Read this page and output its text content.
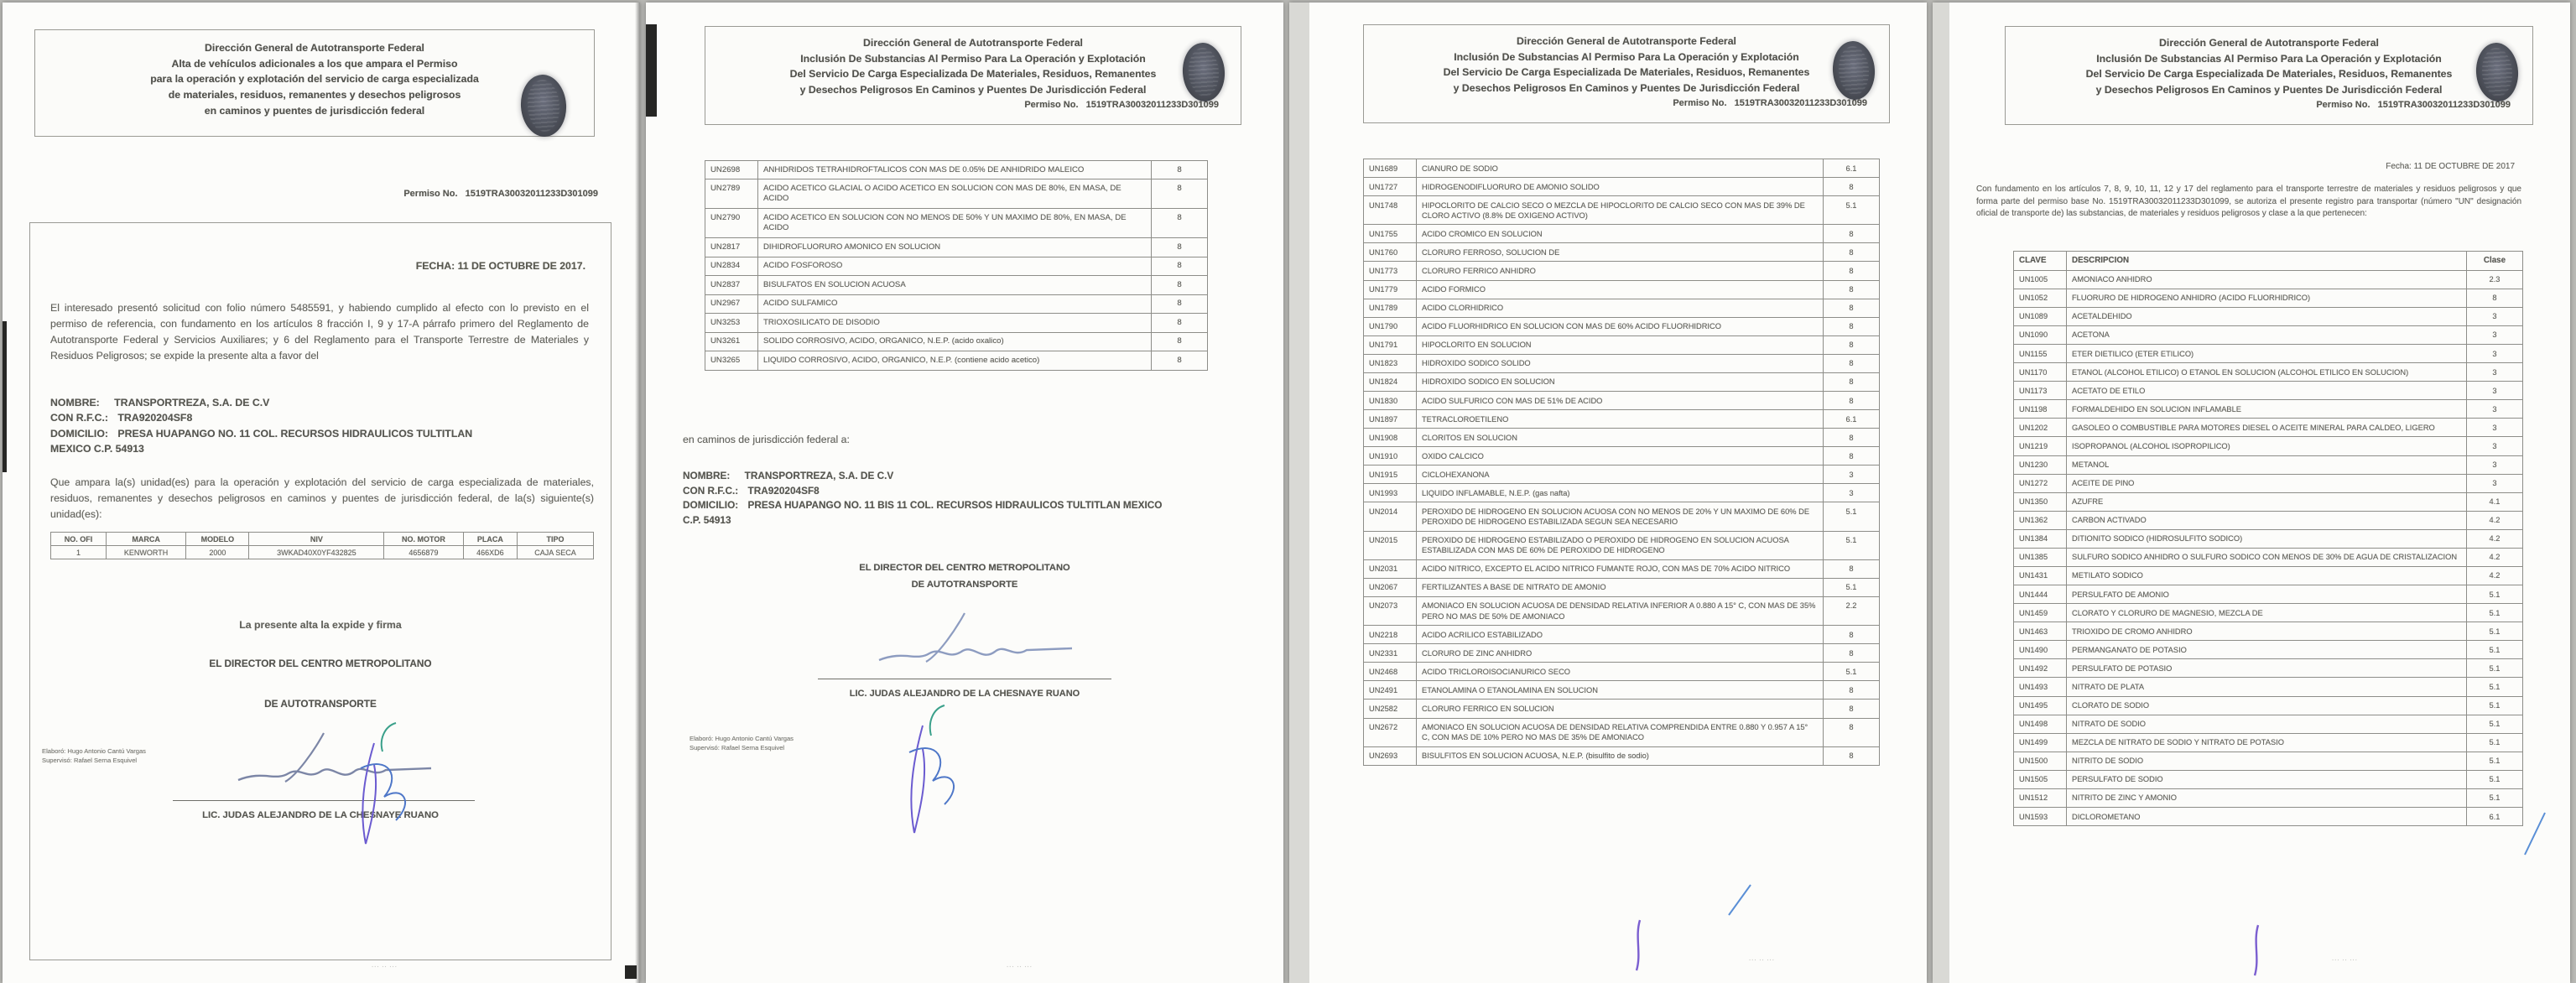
Dirección General de Autotransporte Federal
Alta de vehículos adicionales a los que ampara el Permiso
para la operación y explotación del servicio de carga especializada
de materiales, residuos, remanentes y desechos peligrosos
en caminos y puentes de jurisdicción federal
Permiso No. 1519TRA30032011233D301099
FECHA: 11 DE OCTUBRE DE 2017.
El interesado presentó solicitud con folio número 5485591, y habiendo cumplido al efecto con lo previsto en el permiso de referencia, con fundamento en los artículos 8 fracción I, 9 y 17-A párrafo primero del Reglamento de Autotransporte Federal y Servicios Auxiliares; y 6 del Reglamento para el Transporte Terrestre de Materiales y Residuos Peligrosos; se expide la presente alta a favor del
NOMBRE: TRANSPORTREZA, S.A. DE C.V
CON R.F.C.: TRA920204SF8
DOMICILIO: PRESA HUAPANGO NO. 11 COL. RECURSOS HIDRAULICOS TULTITLAN
MEXICO C.P. 54913
Que ampara la(s) unidad(es) para la operación y explotación del servicio de carga especializada de materiales, residuos, remanentes y desechos peligrosos en caminos y puentes de jurisdicción federal, de la(s) siguiente(s) unidad(es):
NO. OFI	MARCA	MODELO	NIV	NO. MOTOR	PLACA	TIPO
1	KENWORTH	2000	3WKAD40X0YF432825	4656879	466XD6	CAJA SECA
La presente alta la expide y firma
EL DIRECTOR DEL CENTRO METROPOLITANO
DE AUTOTRANSPORTE
LIC. JUDAS ALEJANDRO DE LA CHESNAYE RUANO
Elaboró: Hugo Antonio Cantú Vargas
Supervisó: Rafael Serna Esquivel
··· ·· ···
Dirección General de Autotransporte Federal
Inclusión De Substancias Al Permiso Para La Operación y Explotación
Del Servicio De Carga Especializada De Materiales, Residuos, Remanentes
y Desechos Peligrosos En Caminos y Puentes De Jurisdicción Federal
Permiso No. 1519TRA30032011233D301099
UN2698	ANHIDRIDOS TETRAHIDROFTALICOS CON MAS DE 0.05% DE ANHIDRIDO MALEICO	8
UN2789	ACIDO ACETICO GLACIAL O ACIDO ACETICO EN SOLUCION CON MAS DE 80%, EN MASA, DE ACIDO	8
UN2790	ACIDO ACETICO EN SOLUCION CON NO MENOS DE 50% Y UN MAXIMO DE 80%, EN MASA, DE ACIDO	8
UN2817	DIHIDROFLUORURO AMONICO EN SOLUCION	8
UN2834	ACIDO FOSFOROSO	8
UN2837	BISULFATOS EN SOLUCION ACUOSA	8
UN2967	ACIDO SULFAMICO	8
UN3253	TRIOXOSILICATO DE DISODIO	8
UN3261	SOLIDO CORROSIVO, ACIDO, ORGANICO, N.E.P. (acido oxalico)	8
UN3265	LIQUIDO CORROSIVO, ACIDO, ORGANICO, N.E.P. (contiene acido acetico)	8
en caminos de jurisdicción federal a:
NOMBRE: TRANSPORTREZA, S.A. DE C.V
CON R.F.C.: TRA920204SF8
DOMICILIO: PRESA HUAPANGO NO. 11 BIS 11 COL. RECURSOS HIDRAULICOS TULTITLAN MEXICO
C.P. 54913
EL DIRECTOR DEL CENTRO METROPOLITANO
DE AUTOTRANSPORTE
LIC. JUDAS ALEJANDRO DE LA CHESNAYE RUANO
Elaboró: Hugo Antonio Cantú Vargas
Supervisó: Rafael Serna Esquivel
··· ·· ···
Dirección General de Autotransporte Federal
Inclusión De Substancias Al Permiso Para La Operación y Explotación
Del Servicio De Carga Especializada De Materiales, Residuos, Remanentes
y Desechos Peligrosos En Caminos y Puentes De Jurisdicción Federal
Permiso No. 1519TRA30032011233D301099
UN1689	CIANURO DE SODIO	6.1
UN1727	HIDROGENODIFLUORURO DE AMONIO SOLIDO	8
UN1748	HIPOCLORITO DE CALCIO SECO O MEZCLA DE HIPOCLORITO DE CALCIO SECO CON MAS DE 39% DE CLORO ACTIVO (8.8% DE OXIGENO ACTIVO)	5.1
UN1755	ACIDO CROMICO EN SOLUCION	8
UN1760	CLORURO FERROSO, SOLUCION DE	8
UN1773	CLORURO FERRICO ANHIDRO	8
UN1779	ACIDO FORMICO	8
UN1789	ACIDO CLORHIDRICO	8
UN1790	ACIDO FLUORHIDRICO EN SOLUCION CON MAS DE 60% ACIDO FLUORHIDRICO	8
UN1791	HIPOCLORITO EN SOLUCION	8
UN1823	HIDROXIDO SODICO SOLIDO	8
UN1824	HIDROXIDO SODICO EN SOLUCION	8
UN1830	ACIDO SULFURICO CON MAS DE 51% DE ACIDO	8
UN1897	TETRACLOROETILENO	6.1
UN1908	CLORITOS EN SOLUCION	8
UN1910	OXIDO CALCICO	8
UN1915	CICLOHEXANONA	3
UN1993	LIQUIDO INFLAMABLE, N.E.P. (gas nafta)	3
UN2014	PEROXIDO DE HIDROGENO EN SOLUCION ACUOSA CON NO MENOS DE 20% Y UN MAXIMO DE 60% DE PEROXIDO DE HIDROGENO ESTABILIZADA SEGUN SEA NECESARIO	5.1
UN2015	PEROXIDO DE HIDROGENO ESTABILIZADO O PEROXIDO DE HIDROGENO EN SOLUCION ACUOSA ESTABILIZADA CON MAS DE 60% DE PEROXIDO DE HIDROGENO	5.1
UN2031	ACIDO NITRICO, EXCEPTO EL ACIDO NITRICO FUMANTE ROJO, CON MAS DE 70% ACIDO NITRICO	8
UN2067	FERTILIZANTES A BASE DE NITRATO DE AMONIO	5.1
UN2073	AMONIACO EN SOLUCION ACUOSA DE DENSIDAD RELATIVA INFERIOR A 0.880 A 15° C, CON MAS DE 35% PERO NO MAS DE 50% DE AMONIACO	2.2
UN2218	ACIDO ACRILICO ESTABILIZADO	8
UN2331	CLORURO DE ZINC ANHIDRO	8
UN2468	ACIDO TRICLOROISOCIANURICO SECO	5.1
UN2491	ETANOLAMINA O ETANOLAMINA EN SOLUCION	8
UN2582	CLORURO FERRICO EN SOLUCION	8
UN2672	AMONIACO EN SOLUCION ACUOSA DE DENSIDAD RELATIVA COMPRENDIDA ENTRE 0.880 Y 0.957 A 15° C, CON MAS DE 10% PERO NO MAS DE 35% DE AMONIACO	8
UN2693	BISULFITOS EN SOLUCION ACUOSA, N.E.P. (bisulfito de sodio)	8
··· ·· ···
Dirección General de Autotransporte Federal
Inclusión De Substancias Al Permiso Para La Operación y Explotación
Del Servicio De Carga Especializada De Materiales, Residuos, Remanentes
y Desechos Peligrosos En Caminos y Puentes De Jurisdicción Federal
Permiso No. 1519TRA30032011233D301099
Fecha: 11 DE OCTUBRE DE 2017
Con fundamento en los artículos 7, 8, 9, 10, 11, 12 y 17 del reglamento para el transporte terrestre de materiales y residuos peligrosos y que forma parte del permiso base No. 1519TRA30032011233D301099, se autoriza el presente registro para transportar (número "UN" designación oficial de transporte de) las substancias, de materiales y residuos peligrosos y clase a la que pertenecen:
CLAVE	DESCRIPCION	Clase
UN1005	AMONIACO ANHIDRO	2.3
UN1052	FLUORURO DE HIDROGENO ANHIDRO (ACIDO FLUORHIDRICO)	8
UN1089	ACETALDEHIDO	3
UN1090	ACETONA	3
UN1155	ETER DIETILICO (ETER ETILICO)	3
UN1170	ETANOL (ALCOHOL ETILICO) O ETANOL EN SOLUCION (ALCOHOL ETILICO EN SOLUCION)	3
UN1173	ACETATO DE ETILO	3
UN1198	FORMALDEHIDO EN SOLUCION INFLAMABLE	3
UN1202	GASOLEO O COMBUSTIBLE PARA MOTORES DIESEL O ACEITE MINERAL PARA CALDEO, LIGERO	3
UN1219	ISOPROPANOL (ALCOHOL ISOPROPILICO)	3
UN1230	METANOL	3
UN1272	ACEITE DE PINO	3
UN1350	AZUFRE	4.1
UN1362	CARBON ACTIVADO	4.2
UN1384	DITIONITO SODICO (HIDROSULFITO SODICO)	4.2
UN1385	SULFURO SODICO ANHIDRO O SULFURO SODICO CON MENOS DE 30% DE AGUA DE CRISTALIZACION	4.2
UN1431	METILATO SODICO	4.2
UN1444	PERSULFATO DE AMONIO	5.1
UN1459	CLORATO Y CLORURO DE MAGNESIO, MEZCLA DE	5.1
UN1463	TRIOXIDO DE CROMO ANHIDRO	5.1
UN1490	PERMANGANATO DE POTASIO	5.1
UN1492	PERSULFATO DE POTASIO	5.1
UN1493	NITRATO DE PLATA	5.1
UN1495	CLORATO DE SODIO	5.1
UN1498	NITRATO DE SODIO	5.1
UN1499	MEZCLA DE NITRATO DE SODIO Y NITRATO DE POTASIO	5.1
UN1500	NITRITO DE SODIO	5.1
UN1505	PERSULFATO DE SODIO	5.1
UN1512	NITRITO DE ZINC Y AMONIO	5.1
UN1593	DICLOROMETANO	6.1
··· ·· ···
